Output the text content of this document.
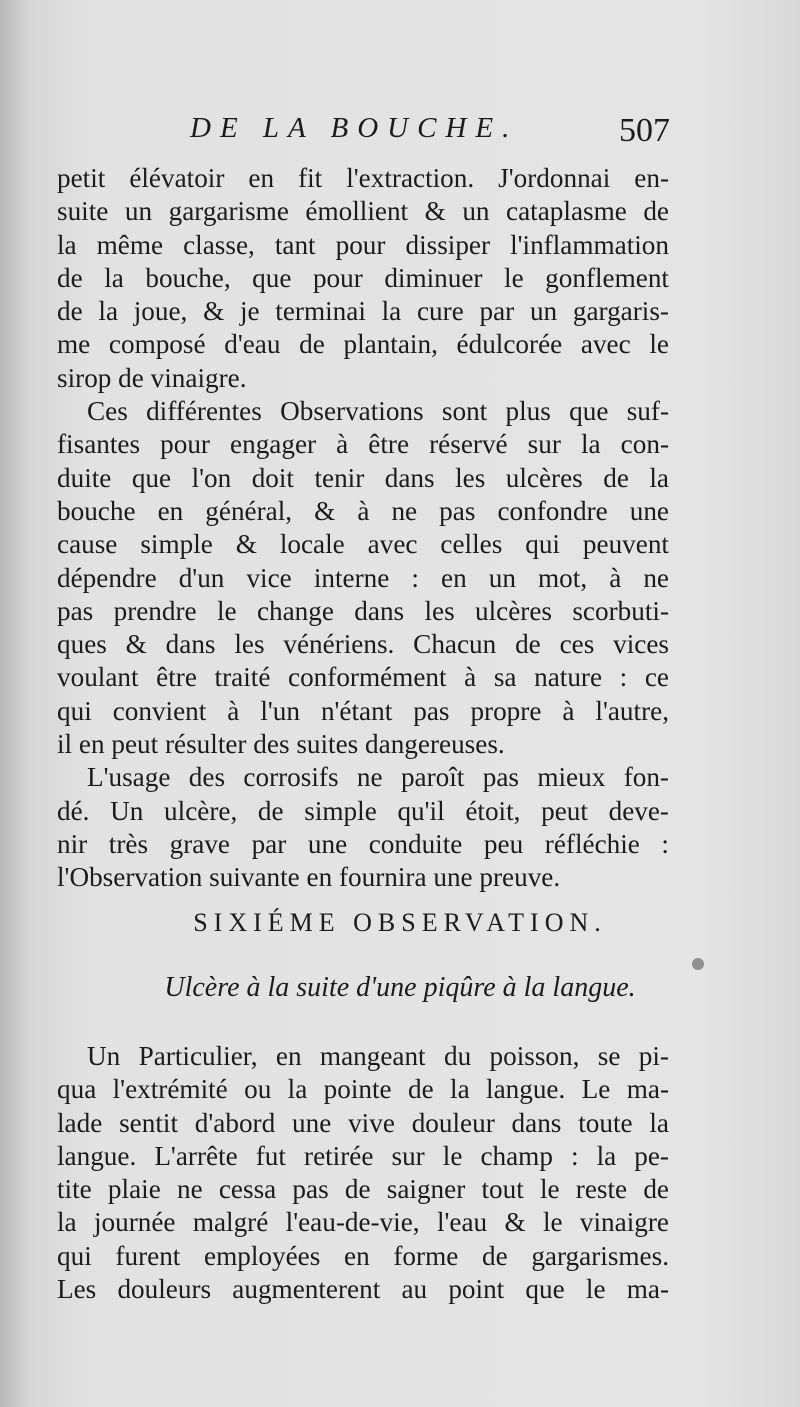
DE LA BOUCHE.	507
petit élévatoir en fit l'extraction. J'ordonnai en-
suite un gargarisme émollient & un cataplasme de
la même classe, tant pour dissiper l'inflammation
de la bouche, que pour diminuer le gonflement
de la joue, & je terminai la cure par un gargaris-
me composé d'eau de plantain, édulcorée avec le
sirop de vinaigre.
Ces différentes Observations sont plus que suf-
fisantes pour engager à être réservé sur la con-
duite que l'on doit tenir dans les ulcères de la
bouche en général, & à ne pas confondre une
cause simple & locale avec celles qui peuvent
dépendre d'un vice interne : en un mot, à ne
pas prendre le change dans les ulcères scorbuti-
ques & dans les vénériens. Chacun de ces vices
voulant être traité conformément à sa nature : ce
qui convient à l'un n'étant pas propre à l'autre,
il en peut résulter des suites dangereuses.
L'usage des corrosifs ne paroît pas mieux fon-
dé. Un ulcère, de simple qu'il étoit, peut deve-
nir très grave par une conduite peu réfléchie :
l'Observation suivante en fournira une preuve.
SIXIÉME OBSERVATION.
Ulcère à la suite d'une piqûre à la langue.
Un Particulier, en mangeant du poisson, se pi-
qua l'extrémité ou la pointe de la langue. Le ma-
lade sentit d'abord une vive douleur dans toute la
langue. L'arrête fut retirée sur le champ : la pe-
tite plaie ne cessa pas de saigner tout le reste de
la journée malgré l'eau-de-vie, l'eau & le vinaigre
qui furent employées en forme de gargarismes.
Les douleurs augmenterent au point que le ma-
